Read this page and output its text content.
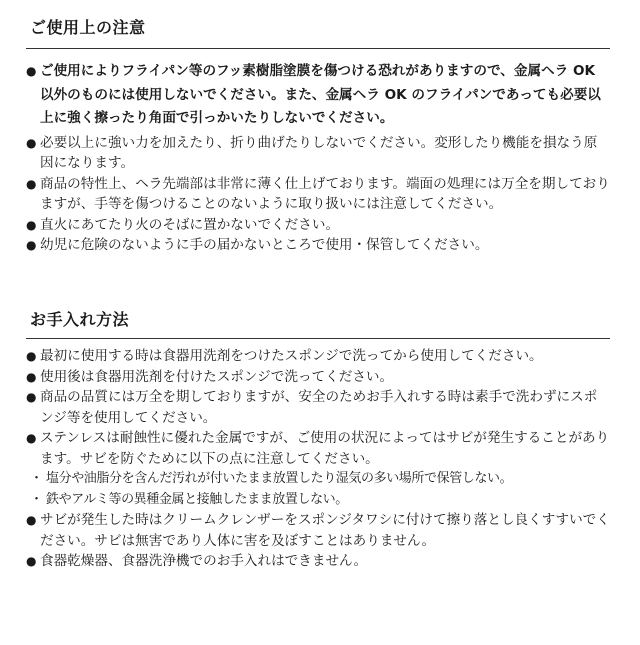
ご使用上の注意
● ご使用によりフライパン等のフッ素樹脂塗膜を傷つける恐れがありますので、金属ヘラ OK 以外のものには使用しないでください。また、金属ヘラ OK のフライパンであっても必要以上に強く擦ったり角面で引っかいたりしないでください。
● 必要以上に強い力を加えたり、折り曲げたりしないでください。変形したり機能を損なう原因になります。
● 商品の特性上、ヘラ先端部は非常に薄く仕上げております。端面の処理には万全を期しておりますが、手等を傷つけることのないように取り扱いには注意してください。
● 直火にあてたり火のそばに置かないでください。
● 幼児に危険のないように手の届かないところで使用・保管してください。
お手入れ方法
● 最初に使用する時は食器用洗剤をつけたスポンジで洗ってから使用してください。
● 使用後は食器用洗剤を付けたスポンジで洗ってください。
● 商品の品質には万全を期しておりますが、安全のためお手入れする時は素手で洗わずにスポンジ等を使用してください。
● ステンレスは耐蝕性に優れた金属ですが、ご使用の状況によってはサビが発生することがあります。サビを防ぐために以下の点に注意してください。
・ 塩分や油脂分を含んだ汚れが付いたまま放置したり湿気の多い場所で保管しない。
・ 鉄やアルミ等の異種金属と接触したまま放置しない。
● サビが発生した時はクリームクレンザーをスポンジタワシに付けて擦り落とし良くすすいでください。サビは無害であり人体に害を及ぼすことはありません。
● 食器乾燥器、食器洗浄機でのお手入れはできません。
